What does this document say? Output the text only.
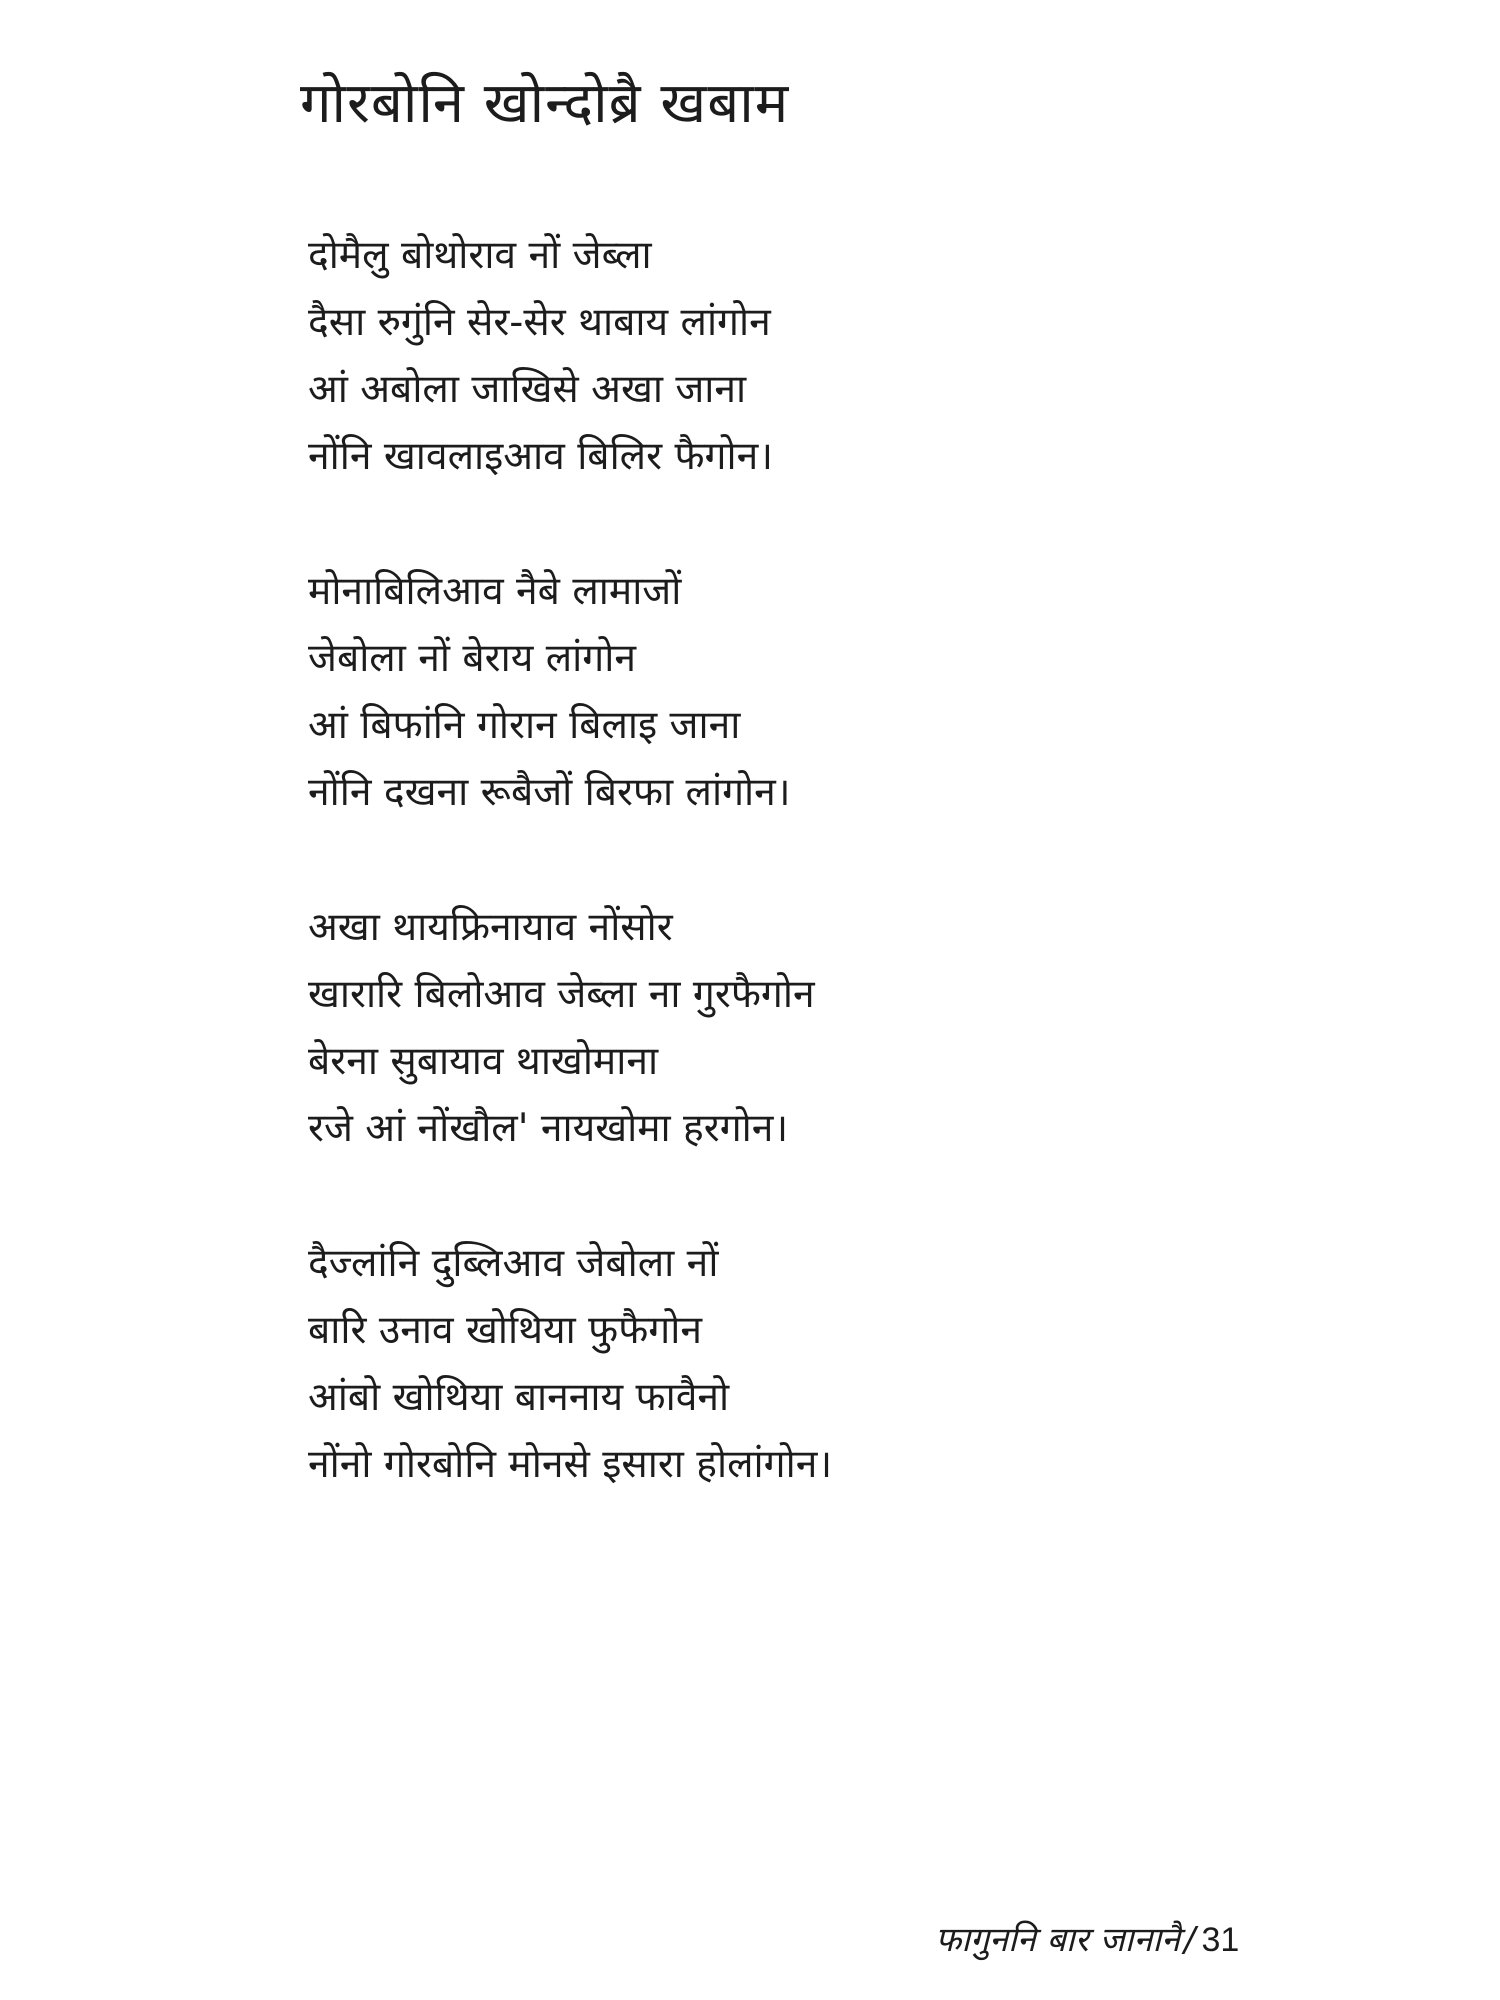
गोरबोनि खोन्दोब्रै खबाम
दोमैलु बोथोराव नों जेब्ला
दैसा रुगुंनि सेर-सेर थाबाय लांगोन
आं अबोला जाखिसे अखा जाना
नोंनि खावलाइआव बिलिर फैगोन।
मोनाबिलिआव नैबे लामाजों
जेबोला नों बेराय लांगोन
आं बिफांनि गोरान बिलाइ जाना
नोंनि दखना रूबैजों बिरफा लांगोन।
अखा थायफ्रिनायाव नोंसोर
खारारि बिलोआव जेब्ला ना गुरफैगोन
बेरना सुबायाव थाखोमाना
रजे आं नोंखौल' नायखोमा हरगोन।
दैज्लांनि दुब्लिआव जेबोला नों
बारि उनाव खोथिया फुफैगोन
आंबो खोथिया बाननाय फावैनो
नोंनो गोरबोनि मोनसे इसारा होलांगोन।
फागुननि बार जानानै / 31
